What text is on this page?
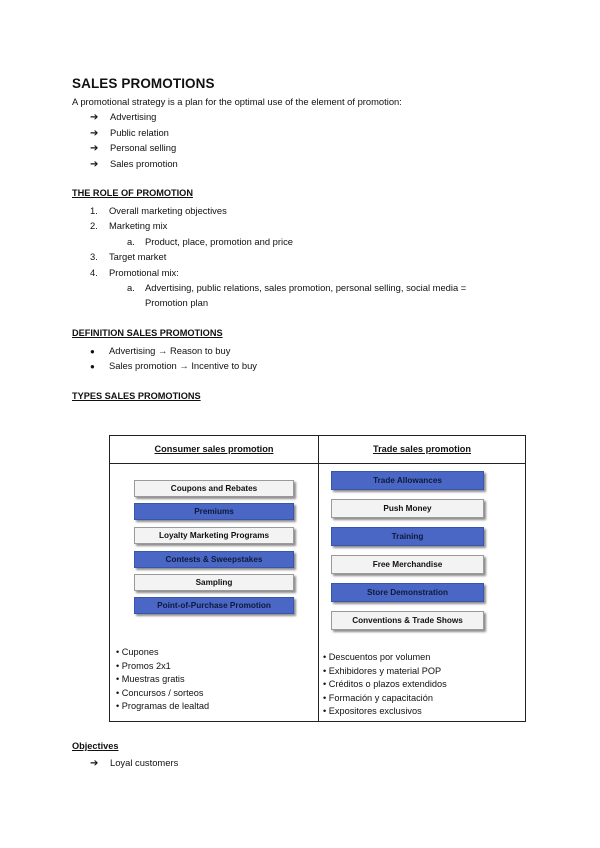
SALES PROMOTIONS
A promotional strategy is a plan for the optimal use of the element of promotion:
➔ Advertising
➔ Public relation
➔ Personal selling
➔ Sales promotion
THE ROLE OF PROMOTION
1. Overall marketing objectives
2. Marketing mix
a. Product, place, promotion and price
3. Target market
4. Promotional mix:
a. Advertising, public relations, sales promotion, personal selling, social media =
Promotion plan
DEFINITION SALES PROMOTIONS
● Advertising → Reason to buy
● Sales promotion → Incentive to buy
TYPES SALES PROMOTIONS
Consumer sales promotion	Trade sales promotion
Coupons and Rebates
Premiums
Loyalty Marketing Programs
Contests & Sweepstakes
Sampling
Point-of-Purchase Promotion
Trade Allowances
Push Money
Training
Free Merchandise
Store Demonstration
Conventions & Trade Shows
• Cupones
• Promos 2x1
• Muestras gratis
• Concursos / sorteos
• Programas de lealtad
• Descuentos por volumen
• Exhibidores y material POP
• Créditos o plazos extendidos
• Formación y capacitación
• Expositores exclusivos
Objectives
➔ Loyal customers
